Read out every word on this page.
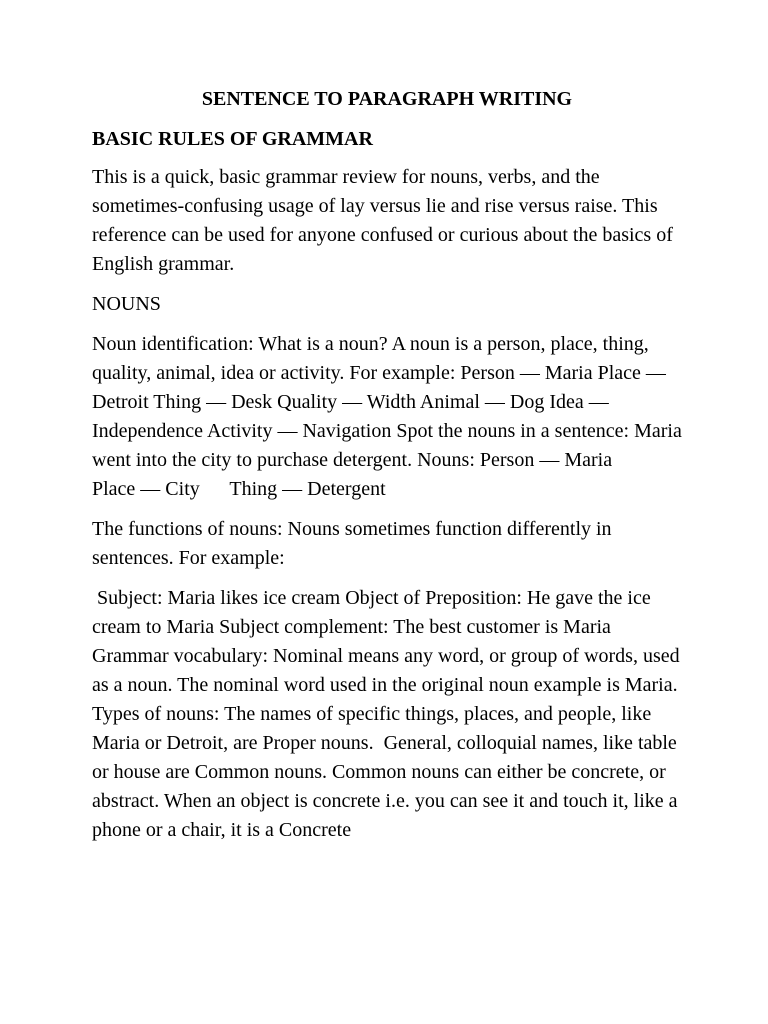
SENTENCE TO PARAGRAPH WRITING
BASIC RULES OF GRAMMAR
This is a quick, basic grammar review for nouns, verbs, and the sometimes-confusing usage of lay versus lie and rise versus raise. This reference can be used for anyone confused or curious about the basics of English grammar.
NOUNS
Noun identification: What is a noun? A noun is a person, place, thing, quality, animal, idea or activity. For example: Person — Maria Place — Detroit Thing — Desk Quality — Width Animal — Dog Idea — Independence Activity — Navigation Spot the nouns in a sentence: Maria went into the city to purchase detergent. Nouns: Person — Maria      Place — City      Thing — Detergent
The functions of nouns: Nouns sometimes function differently in sentences. For example:
Subject: Maria likes ice cream Object of Preposition: He gave the ice cream to Maria Subject complement: The best customer is Maria Grammar vocabulary: Nominal means any word, or group of words, used as a noun. The nominal word used in the original noun example is Maria. Types of nouns: The names of specific things, places, and people, like Maria or Detroit, are Proper nouns.  General, colloquial names, like table or house are Common nouns. Common nouns can either be concrete, or abstract. When an object is concrete i.e. you can see it and touch it, like a phone or a chair, it is a Concrete
